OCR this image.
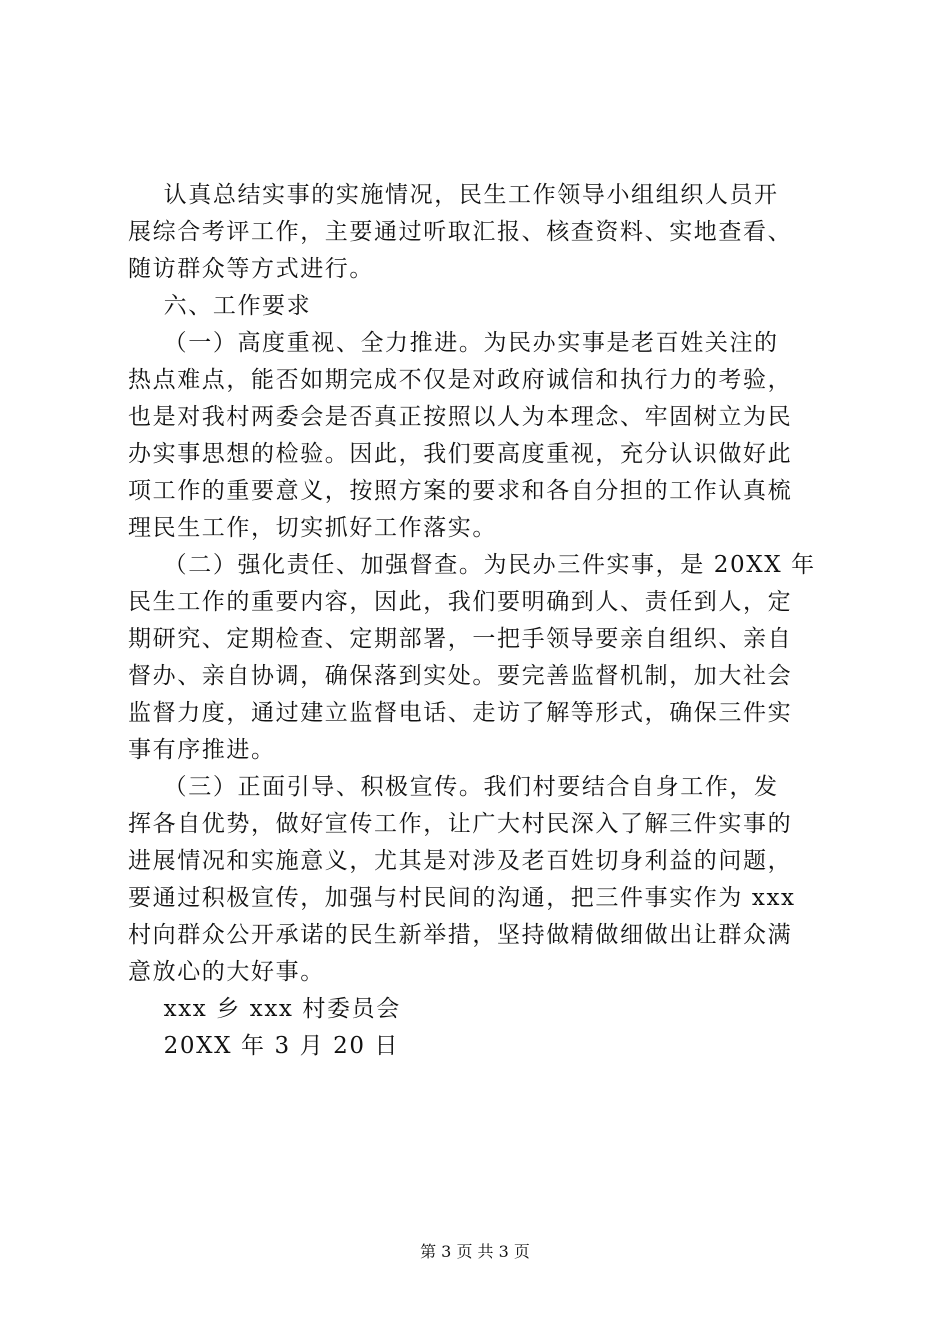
认真总结实事的实施情况，民生工作领导小组组织人员开
展综合考评工作，主要通过听取汇报、核查资料、实地查看、
随访群众等方式进行。
六、工作要求
（一）高度重视、全力推进。为民办实事是老百姓关注的
热点难点，能否如期完成不仅是对政府诚信和执行力的考验，
也是对我村两委会是否真正按照以人为本理念、牢固树立为民
办实事思想的检验。因此，我们要高度重视，充分认识做好此
项工作的重要意义，按照方案的要求和各自分担的工作认真梳
理民生工作，切实抓好工作落实。
（二）强化责任、加强督查。为民办三件实事，是 20XX 年
民生工作的重要内容，因此，我们要明确到人、责任到人，定
期研究、定期检查、定期部署，一把手领导要亲自组织、亲自
督办、亲自协调，确保落到实处。要完善监督机制，加大社会
监督力度，通过建立监督电话、走访了解等形式，确保三件实
事有序推进。
（三）正面引导、积极宣传。我们村要结合自身工作，发
挥各自优势，做好宣传工作，让广大村民深入了解三件实事的
进展情况和实施意义，尤其是对涉及老百姓切身利益的问题，
要通过积极宣传，加强与村民间的沟通，把三件事实作为 xxx
村向群众公开承诺的民生新举措，坚持做精做细做出让群众满
意放心的大好事。
xxx 乡 xxx 村委员会
20XX 年 3 月 20 日
第 3 页 共 3 页
